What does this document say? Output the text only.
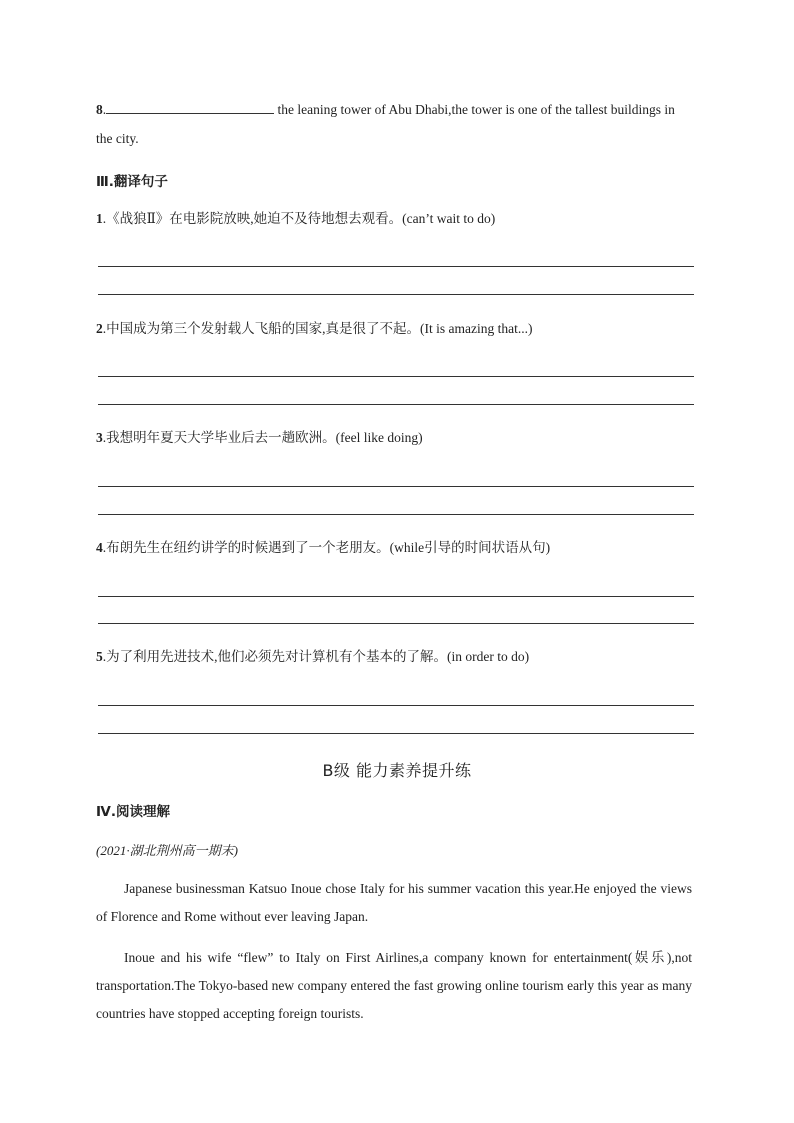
8.	the leaning tower of Abu Dhabi,the tower is one of the tallest buildings in
the city.
Ⅲ.翻译句子
1.《战狼Ⅱ》在电影院放映,她迫不及待地想去观看。(can’t wait to do)
2.中国成为第三个发射载人飞船的国家,真是很了不起。(It is amazing that...)
3.我想明年夏天大学毕业后去一趟欧洲。(feel like doing)
4.布朗先生在纽约讲学的时候遇到了一个老朋友。(while引导的时间状语从句)
5.为了利用先进技术,他们必须先对计算机有个基本的了解。(in order to do)
B级 能力素养提升练
Ⅳ.阅读理解
(2021·湖北荆州高一期末)
Japanese businessman Katsuo Inoue chose Italy for his summer vacation this year.He enjoyed the views of Florence and Rome without ever leaving Japan.
Inoue and his wife “flew” to Italy on First Airlines,a company known for entertainment(娱乐),not transportation.The Tokyo-based new company entered the fast growing online tourism early this year as many countries have stopped accepting foreign tourists.
